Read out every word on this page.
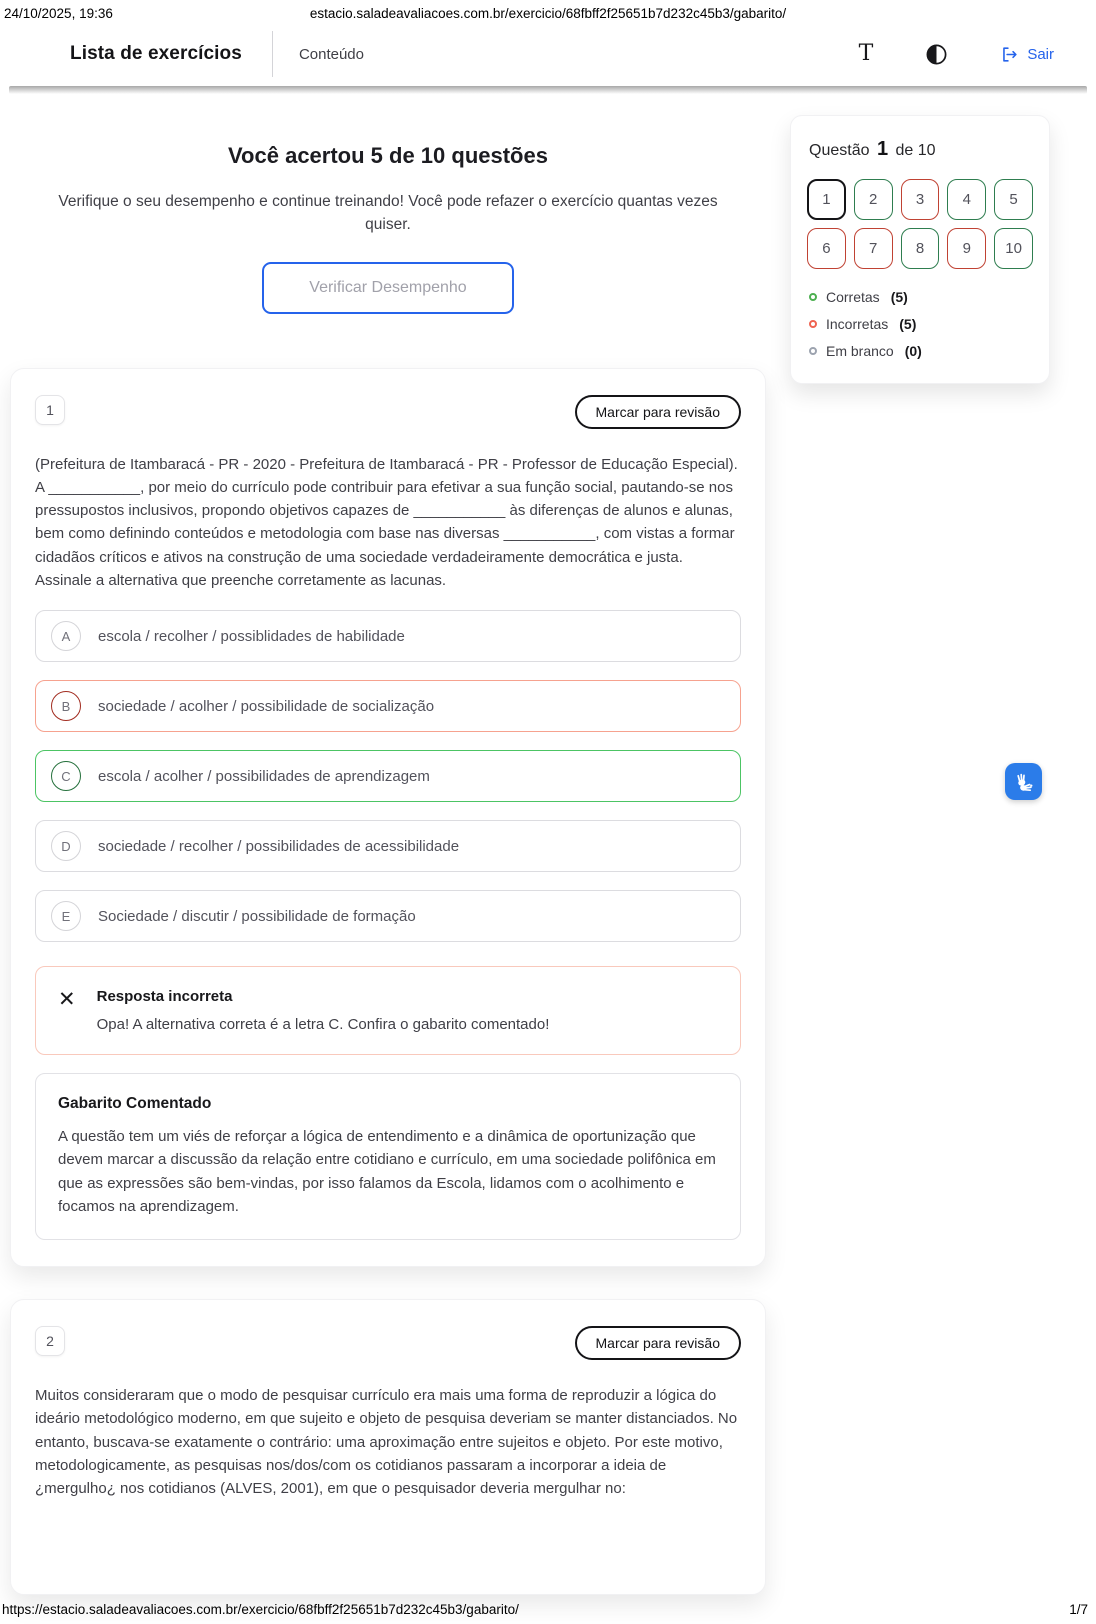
24/10/2025, 19:36	estacio.saladeavaliacoes.com.br/exercicio/68fbff2f25651b7d232c45b3/gabarito/
Lista de exercícios	Conteúdo	T	Sair
Questão 1 de 10
1	2	3	4	5
6	7	8	9	10
Corretas (5)
Incorretas (5)
Em branco (0)
Você acertou 5 de 10 questões

Verifique o seu desempenho e continue treinando! Você pode refazer o exercício quantas vezes quiser.

Verificar Desempenho
1	Marcar para revisão

(Prefeitura de Itambaracá - PR - 2020 - Prefeitura de Itambaracá - PR - Professor de Educação Especial). A ___________, por meio do currículo pode contribuir para efetivar a sua função social, pautando-se nos pressupostos inclusivos, propondo objetivos capazes de ___________ às diferenças de alunos e alunas, bem como definindo conteúdos e metodologia com base nas diversas ___________, com vistas a formar cidadãos críticos e ativos na construção de uma sociedade verdadeiramente democrática e justa. Assinale a alternativa que preenche corretamente as lacunas.

A	escola / recolher / possiblidades de habilidade
B	sociedade / acolher / possibilidade de socialização
C	escola / acolher / possibilidades de aprendizagem
D	sociedade / recolher / possibilidades de acessibilidade
E	Sociedade / discutir / possibilidade de formação
✕ Resposta incorreta
Opa! A alternativa correta é a letra C. Confira o gabarito comentado!
Gabarito Comentado

A questão tem um viés de reforçar a lógica de entendimento e a dinâmica de oportunização que devem marcar a discussão da relação entre cotidiano e currículo, em uma sociedade polifônica em que as expressões são bem-vindas, por isso falamos da Escola, lidamos com o acolhimento e focamos na aprendizagem.

2	Marcar para revisão

Muitos consideraram que o modo de pesquisar currículo era mais uma forma de reproduzir a lógica do ideário metodológico moderno, em que sujeito e objeto de pesquisa deveriam se manter distanciados. No entanto, buscava-se exatamente o contrário: uma aproximação entre sujeitos e objeto. Por este motivo, metodologicamente, as pesquisas nos/dos/com os cotidianos passaram a incorporar a ideia de ¿mergulho¿ nos cotidianos (ALVES, 2001), em que o pesquisador deveria mergulhar no:

https://estacio.saladeavaliacoes.com.br/exercicio/68fbff2f25651b7d232c45b3/gabarito/	1/7
